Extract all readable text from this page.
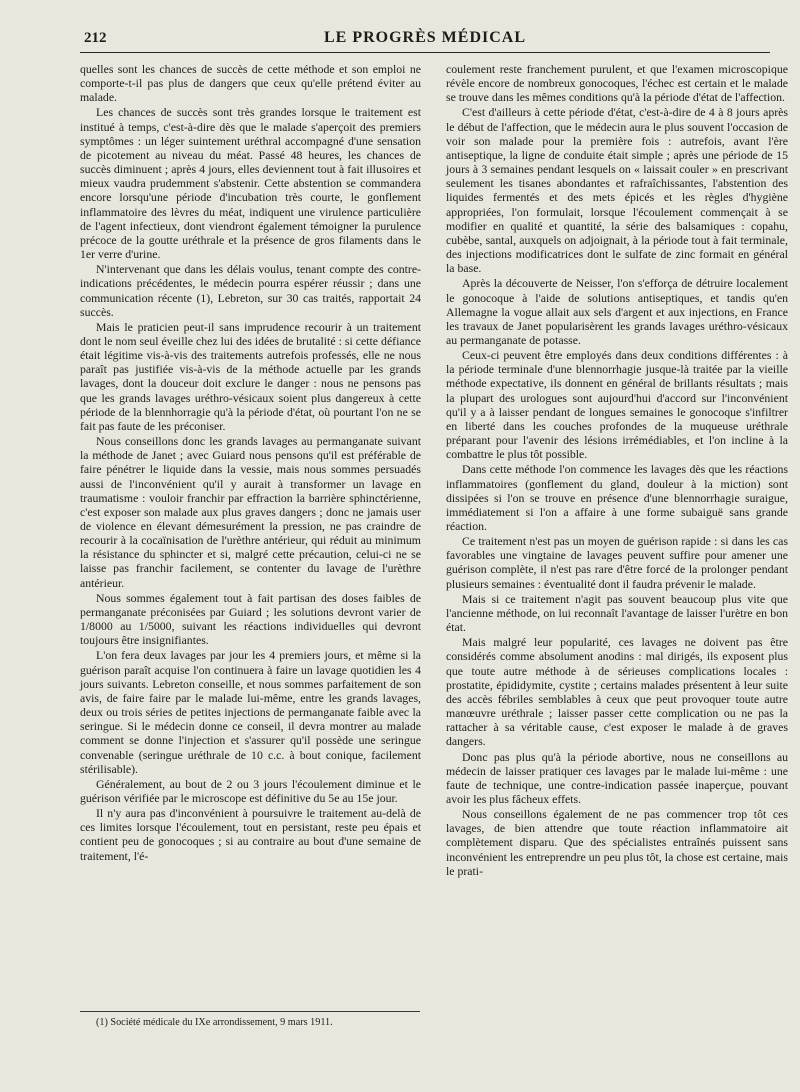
212	LE PROGRÈS MÉDICAL

quelles sont les chances de succès de cette méthode et son emploi ne comporte-t-il pas plus de dangers que ceux qu'elle prétend éviter au malade.

Les chances de succès sont très grandes lorsque le traitement est institué à temps, c'est-à-dire dès que le malade s'aperçoit des premiers symptômes : un léger suintement uréthral accompagné d'une sensation de picotement au niveau du méat. Passé 48 heures, les chances de succès diminuent ; après 4 jours, elles deviennent tout à fait illusoires et mieux vaudra prudemment s'abstenir. Cette abstention se commandera encore lorsqu'une période d'incubation très courte, le gonflement inflammatoire des lèvres du méat, indiquent une virulence particulière de l'agent infectieux, dont viendront également témoigner la purulence précoce de la goutte uréthrale et la présence de gros filaments dans le 1er verre d'urine.

N'intervenant que dans les délais voulus, tenant compte des contre-indications précédentes, le médecin pourra espérer réussir ; dans une communication récente (1), Lebreton, sur 30 cas traités, rapportait 24 succès.

Mais le praticien peut-il sans imprudence recourir à un traitement dont le nom seul éveille chez lui des idées de brutalité : si cette défiance était légitime vis-à-vis des traitements autrefois professés, elle ne nous paraît pas justifiée vis-à-vis de la méthode actuelle par les grands lavages, dont la douceur doit exclure le danger : nous ne pensons pas que les grands lavages uréthro-vésicaux soient plus dangereux à cette période de la blennhorragie qu'à la période d'état, où pourtant l'on ne se fait pas faute de les préconiser.

Nous conseillons donc les grands lavages au permanganate suivant la méthode de Janet ; avec Guiard nous pensons qu'il est préférable de faire pénétrer le liquide dans la vessie, mais nous sommes persuadés aussi de l'inconvénient qu'il y aurait à transformer un lavage en traumatisme : vouloir franchir par effraction la barrière sphinctérienne, c'est exposer son malade aux plus graves dangers ; donc ne jamais user de violence en élevant démesurément la pression, ne pas craindre de recourir à la cocaïnisation de l'urèthre antérieur, qui réduit au minimum la résistance du sphincter et si, malgré cette précaution, celui-ci ne se laisse pas franchir facilement, se contenter du lavage de l'urèthre antérieur.

Nous sommes également tout à fait partisan des doses faibles de permanganate préconisées par Guiard ; les solutions devront varier de 1/8000 au 1/5000, suivant les réactions individuelles qui devront toujours être insignifiantes.

L'on fera deux lavages par jour les 4 premiers jours, et même si la guérison paraît acquise l'on continuera à faire un lavage quotidien les 4 jours suivants. Lebreton conseille, et nous sommes parfaitement de son avis, de faire faire par le malade lui-même, entre les grands lavages, deux ou trois séries de petites injections de permanganate faible avec la seringue. Si le médecin donne ce conseil, il devra montrer au malade comment se donne l'injection et s'assurer qu'il possède une seringue convenable (seringue uréthrale de 10 c.c. à bout conique, facilement stérilisable).

Généralement, au bout de 2 ou 3 jours l'écoulement diminue et le guérison vérifiée par le microscope est définitive du 5e au 15e jour.

Il n'y aura pas d'inconvénient à poursuivre le traitement au-delà de ces limites lorsque l'écoulement, tout en persistant, reste peu épais et contient peu de gonocoques ; si au contraire au bout d'une semaine de traitement, l'é-

coulement reste franchement purulent, et que l'examen microscopique révèle encore de nombreux gonocoques, l'échec est certain et le malade se trouve dans les mêmes conditions qu'à la période d'état de l'affection.

C'est d'ailleurs à cette période d'état, c'est-à-dire de 4 à 8 jours après le début de l'affection, que le médecin aura le plus souvent l'occasion de voir son malade pour la première fois : autrefois, avant l'ère antiseptique, la ligne de conduite était simple ; après une période de 15 jours à 3 semaines pendant lesquels on « laissait couler » en prescrivant seulement les tisanes abondantes et rafraîchissantes, l'abstention des liquides fermentés et des mets épicés et les règles d'hygiène appropriées, l'on formulait, lorsque l'écoulement commençait à se modifier en qualité et quantité, la série des balsamiques : copahu, cubèbe, santal, auxquels on adjoignait, à la période tout à fait terminale, des injections modificatrices dont le sulfate de zinc formait en général la base.

Après la découverte de Neisser, l'on s'efforça de détruire localement le gonocoque à l'aide de solutions antiseptiques, et tandis qu'en Allemagne la vogue allait aux sels d'argent et aux injections, en France les travaux de Janet popularisèrent les grands lavages uréthro-vésicaux au permanganate de potasse.

Ceux-ci peuvent être employés dans deux conditions différentes : à la période terminale d'une blennorrhagie jusque-là traitée par la vieille méthode expectative, ils donnent en général de brillants résultats ; mais la plupart des urologues sont aujourd'hui d'accord sur l'inconvénient qu'il y a à laisser pendant de longues semaines le gonocoque s'infiltrer en liberté dans les couches profondes de la muqueuse uréthrale préparant pour l'avenir des lésions irrémédiables, et l'on incline à la combattre le plus tôt possible.

Dans cette méthode l'on commence les lavages dès que les réactions inflammatoires (gonflement du gland, douleur à la miction) sont dissipées si l'on se trouve en présence d'une blennorrhagie suraigue, immédiatement si l'on a affaire à une forme subaiguë sans grande réaction.

Ce traitement n'est pas un moyen de guérison rapide : si dans les cas favorables une vingtaine de lavages peuvent suffire pour amener une guérison complète, il n'est pas rare d'être forcé de la prolonger pendant plusieurs semaines : éventualité dont il faudra prévenir le malade.

Mais si ce traitement n'agit pas souvent beaucoup plus vite que l'ancienne méthode, on lui reconnaît l'avantage de laisser l'urètre en bon état.

Mais malgré leur popularité, ces lavages ne doivent pas être considérés comme absolument anodins : mal dirigés, ils exposent plus que toute autre méthode à de sérieuses complications locales : prostatite, épididymite, cystite ; certains malades présentent à leur suite des accès fébriles semblables à ceux que peut provoquer toute autre manœuvre uréthrale ; laisser passer cette complication ou ne pas la rattacher à sa véritable cause, c'est exposer le malade à de graves dangers.

Donc pas plus qu'à la période abortive, nous ne conseillons au médecin de laisser pratiquer ces lavages par le malade lui-même : une faute de technique, une contre-indication passée inaperçue, pouvant avoir les plus fâcheux effets.

Nous conseillons également de ne pas commencer trop tôt ces lavages, de bien attendre que toute réaction inflammatoire ait complètement disparu. Que des spécialistes entraînés puissent sans inconvénient les entreprendre un peu plus tôt, la chose est certaine, mais le prati-

(1) Société médicale du IXe arrondissement, 9 mars 1911.
